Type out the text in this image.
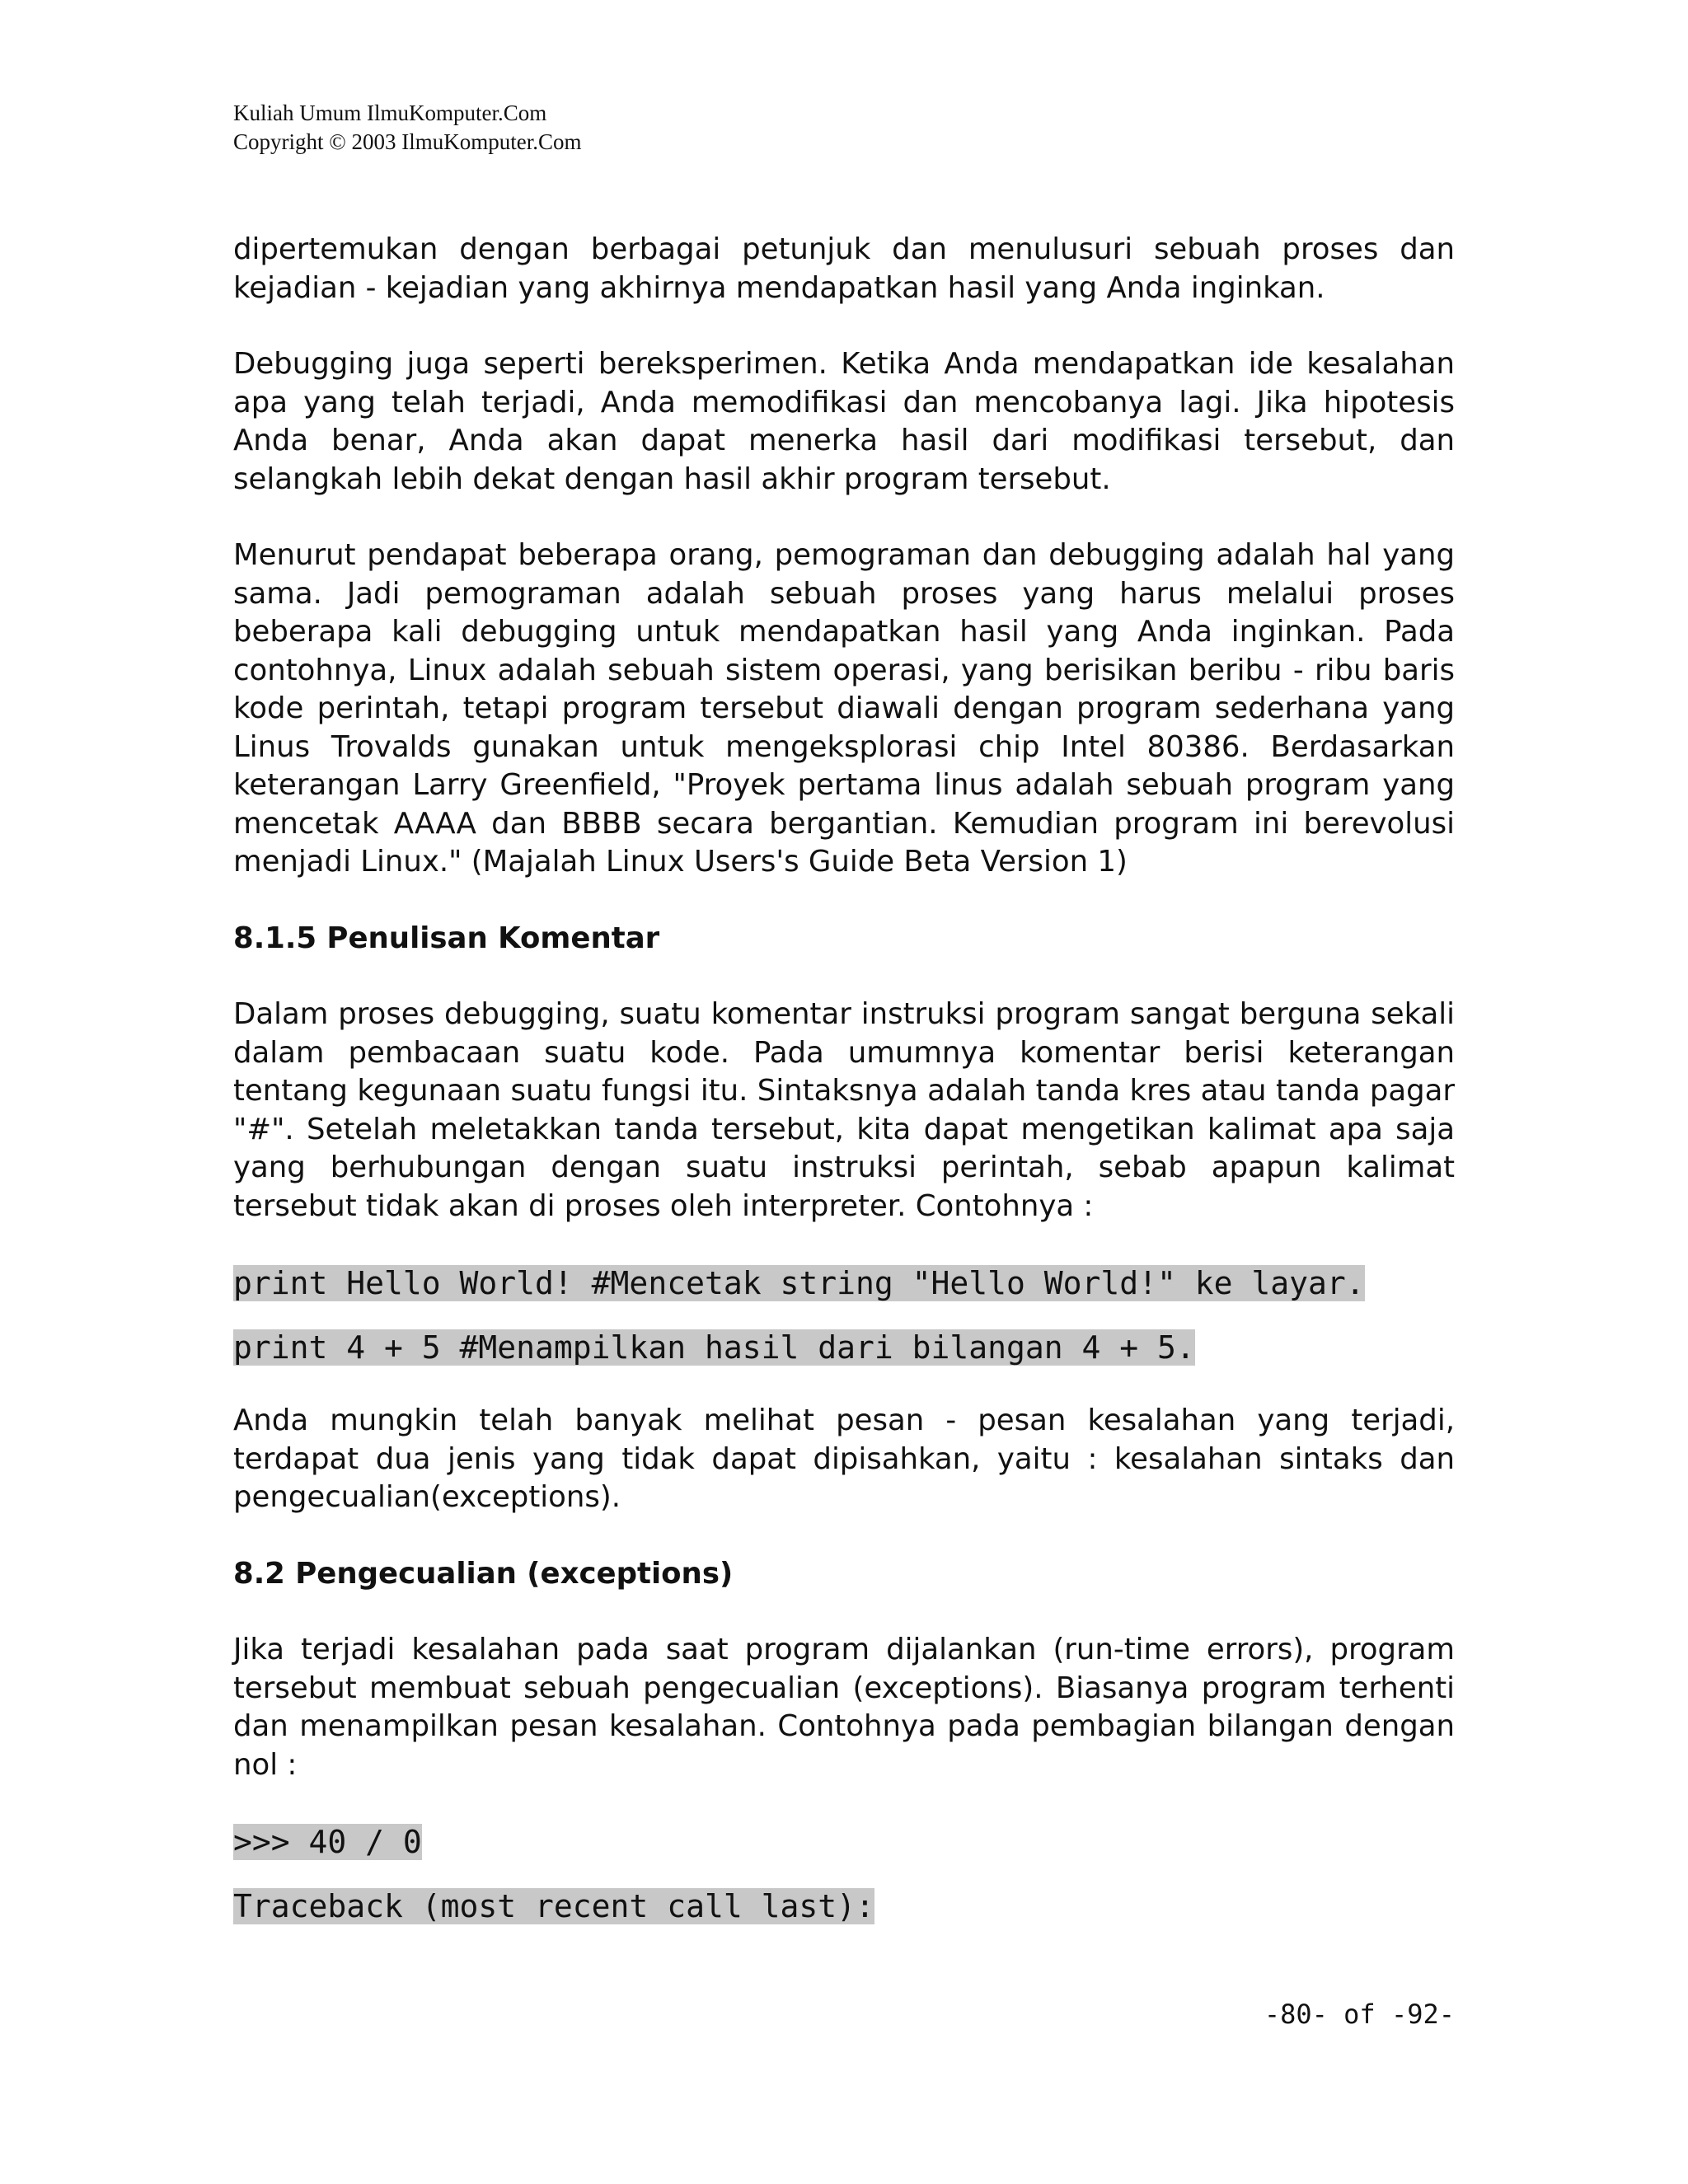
Kuliah Umum IlmuKomputer.Com
Copyright © 2003 IlmuKomputer.Com

dipertemukan dengan berbagai petunjuk dan menulusuri sebuah proses dan kejadian - kejadian yang akhirnya mendapatkan hasil yang Anda inginkan.

Debugging juga seperti bereksperimen. Ketika Anda mendapatkan ide kesalahan apa yang telah terjadi, Anda memodifikasi dan mencobanya lagi. Jika hipotesis Anda benar, Anda akan dapat menerka hasil dari modifikasi tersebut, dan selangkah lebih dekat dengan hasil akhir program tersebut.

Menurut pendapat beberapa orang, pemograman dan debugging adalah hal yang sama. Jadi pemograman adalah sebuah proses yang harus melalui proses beberapa kali debugging untuk mendapatkan hasil yang Anda inginkan. Pada contohnya, Linux adalah sebuah sistem operasi, yang berisikan beribu - ribu baris kode perintah, tetapi program tersebut diawali dengan program sederhana yang Linus Trovalds gunakan untuk mengeksplorasi chip Intel 80386. Berdasarkan keterangan Larry Greenfield, "Proyek pertama linus adalah sebuah program yang mencetak AAAA dan BBBB secara bergantian. Kemudian program ini berevolusi menjadi Linux." (Majalah Linux Users's Guide Beta Version 1)

8.1.5 Penulisan Komentar

Dalam proses debugging, suatu komentar instruksi program sangat berguna sekali dalam pembacaan suatu kode. Pada umumnya komentar berisi keterangan tentang kegunaan suatu fungsi itu. Sintaksnya adalah tanda kres atau tanda pagar "#". Setelah meletakkan tanda tersebut, kita dapat mengetikan kalimat apa saja yang berhubungan dengan suatu instruksi perintah, sebab apapun kalimat tersebut tidak akan di proses oleh interpreter. Contohnya :

print Hello World! #Mencetak string "Hello World!" ke layar.
print 4 + 5 #Menampilkan hasil dari bilangan 4 + 5.

Anda mungkin telah banyak melihat pesan - pesan kesalahan yang terjadi, terdapat dua jenis yang tidak dapat dipisahkan, yaitu : kesalahan sintaks dan pengecualian(exceptions).

8.2 Pengecualian (exceptions)

Jika terjadi kesalahan pada saat program dijalankan (run-time errors), program tersebut membuat sebuah pengecualian (exceptions). Biasanya program terhenti dan menampilkan pesan kesalahan. Contohnya pada pembagian bilangan dengan nol :

>>> 40 / 0
Traceback (most recent call last):
-80- of -92-
